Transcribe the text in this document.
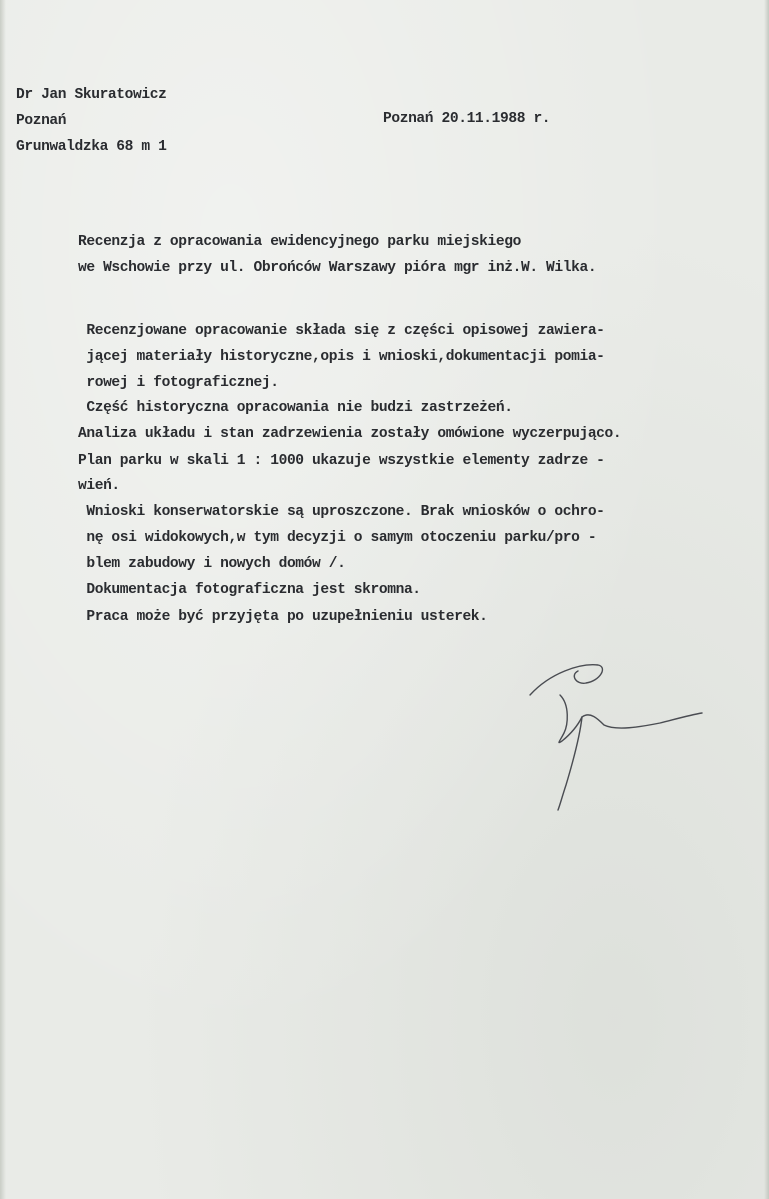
Dr Jan Skuratowicz
Poznań
Grunwaldzka 68 m 1
Poznań 20.11.1988 r.
Recenzja z opracowania ewidencyjnego parku miejskiego
we Wschowie przy ul. Obrońców Warszawy pióra mgr inż.W. Wilka.
Recenzjowane opracowanie składa się z części opisowej zawiera-
jącej materiały historyczne,opis i wnioski,dokumentacji pomia-
rowej i fotograficznej.
Część historyczna opracowania nie budzi zastrzeżeń.
Analiza układu i stan zadrzewienia zostały omówione wyczerpująco.
Plan parku w skali 1 : 1000 ukazuje wszystkie elementy zadrze -
wień.
Wnioski konserwatorskie są uproszczone. Brak wniosków o ochro-
nę osi widokowych,w tym decyzji o samym otoczeniu parku/pro -
blem zabudowy i nowych domów /.
Dokumentacja fotograficzna jest skromna.
Praca może być przyjęta po uzupełnieniu usterek.
